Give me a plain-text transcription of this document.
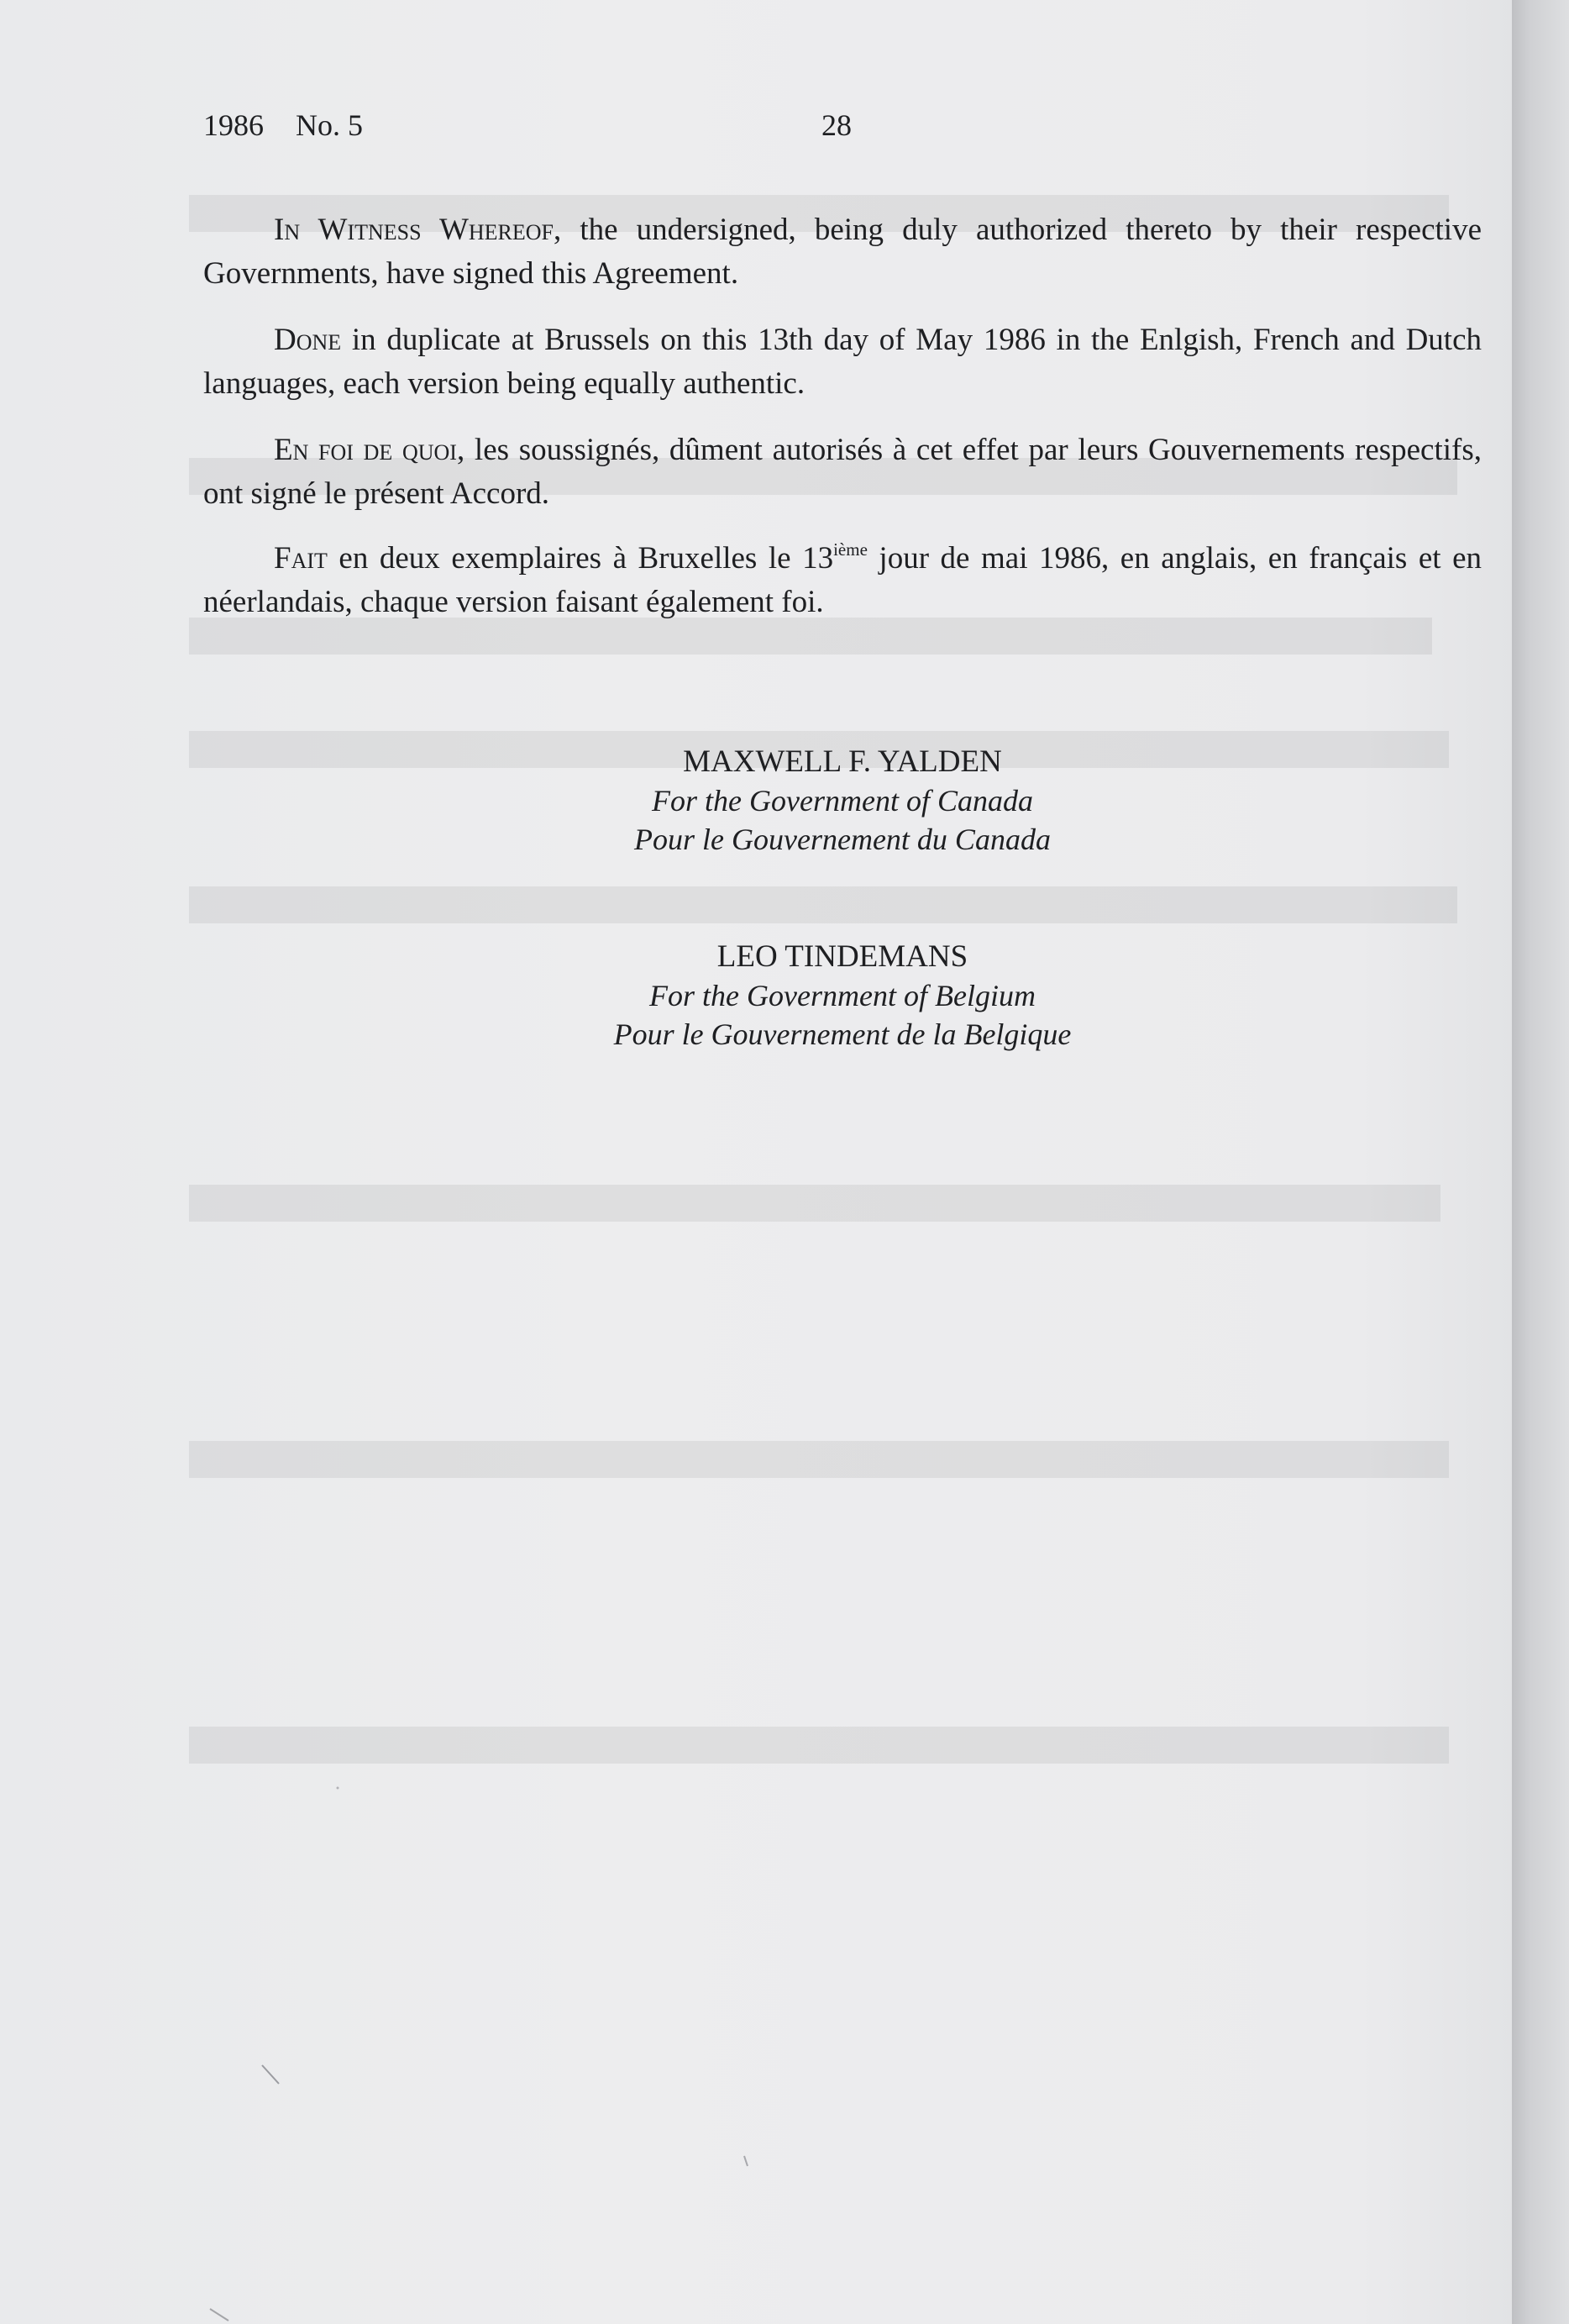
1986 No. 5	28

In Witness Whereof, the undersigned, being duly authorized thereto by their respective Governments, have signed this Agreement.

Done in duplicate at Brussels on this 13th day of May 1986 in the Enlgish, French and Dutch languages, each version being equally authentic.

En foi de quoi, les soussignés, dûment autorisés à cet effet par leurs Gouvernements respectifs, ont signé le présent Accord.

Fait en deux exemplaires à Bruxelles le 13ième jour de mai 1986, en anglais, en français et en néerlandais, chaque version faisant également foi.

MAXWELL F. YALDEN
For the Government of Canada
Pour le Gouvernement du Canada
LEO TINDEMANS
For the Government of Belgium
Pour le Gouvernement de la Belgique
